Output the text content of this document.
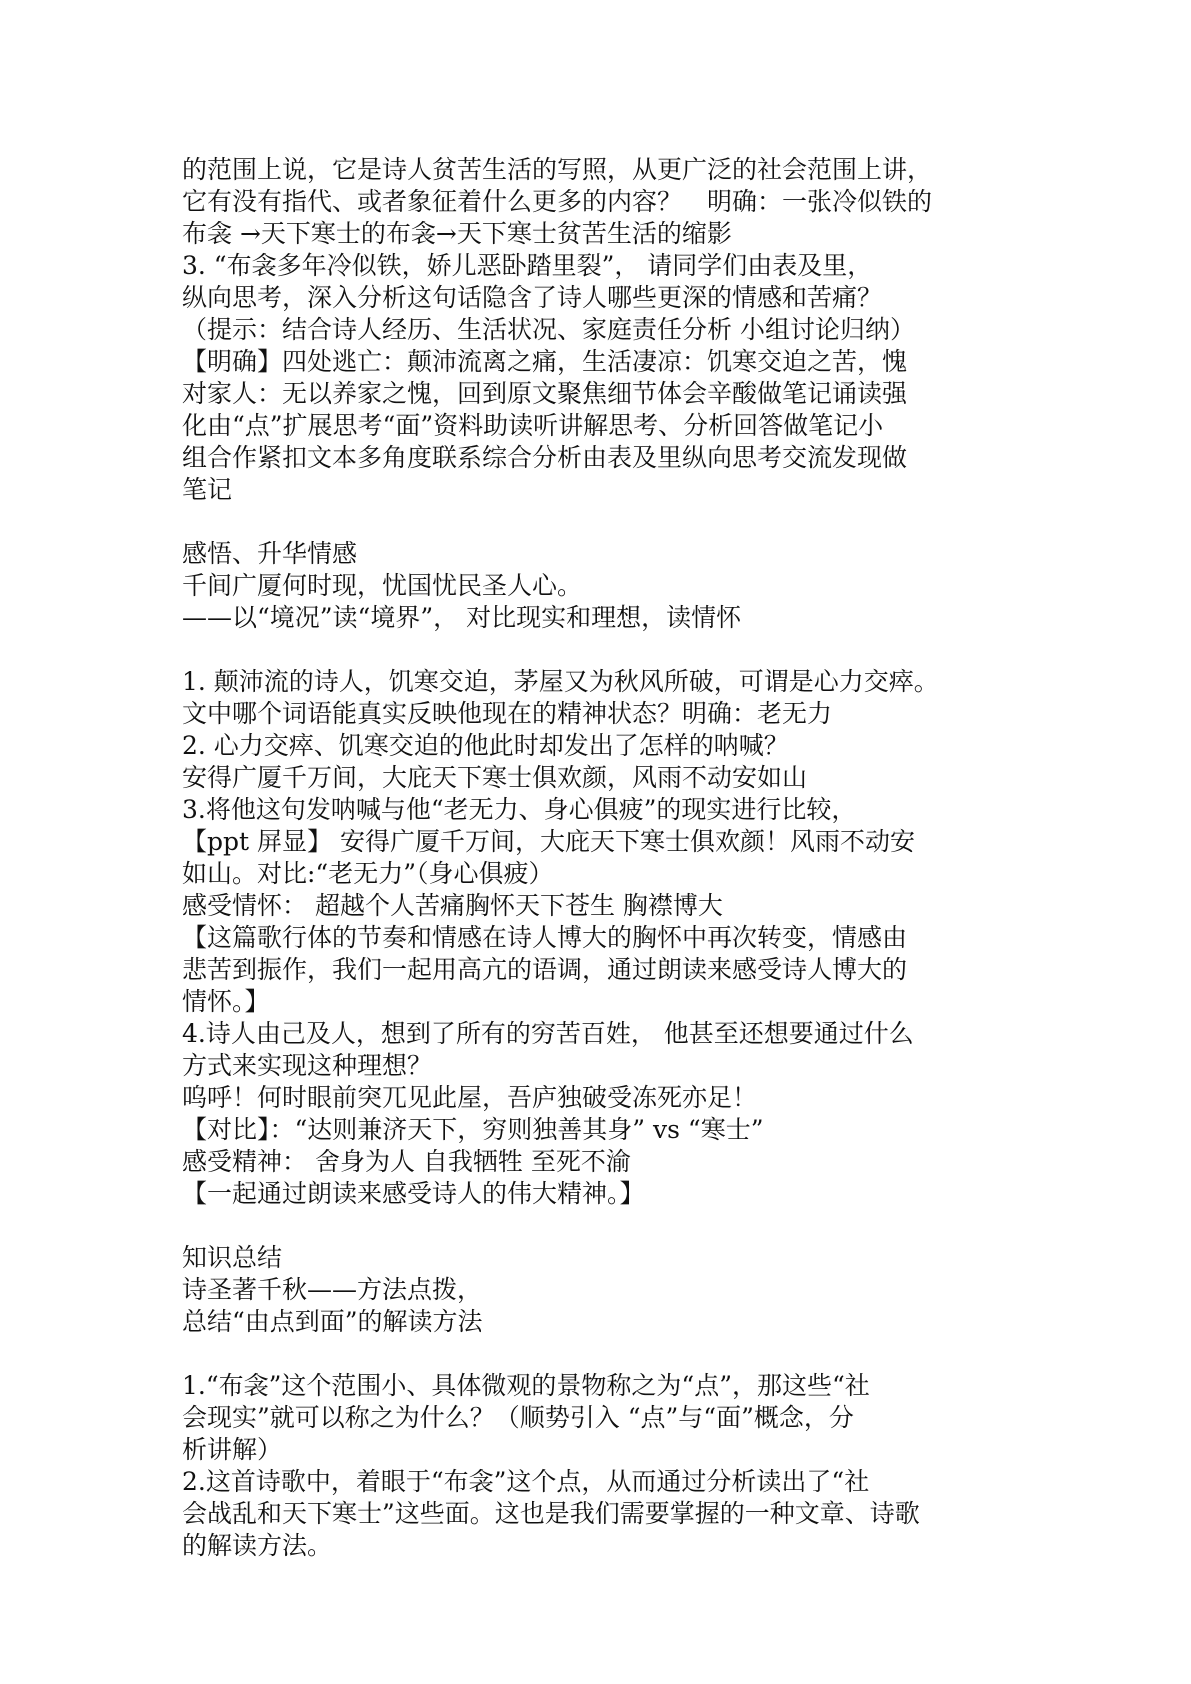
的范围上说，它是诗人贫苦生活的写照，从更广泛的社会范围上讲，
它有没有指代、或者象征着什么更多的内容？　明确：一张冷似铁的
布衾 →天下寒士的布衾→天下寒士贫苦生活的缩影
3. “布衾多年冷似铁，娇儿恶卧踏里裂”， 请同学们由表及里，
纵向思考，深入分析这句话隐含了诗人哪些更深的情感和苦痛？
（提示：结合诗人经历、生活状况、家庭责任分析 小组讨论归纳）
【明确】四处逃亡：颠沛流离之痛，生活凄凉：饥寒交迫之苦，愧
对家人：无以养家之愧，回到原文聚焦细节体会辛酸做笔记诵读强
化由“点”扩展思考“面”资料助读听讲解思考、分析回答做笔记小
组合作紧扣文本多角度联系综合分析由表及里纵向思考交流发现做
笔记
感悟、升华情感
千间广厦何时现，忧国忧民圣人心。
——以“境况”读“境界”， 对比现实和理想，读情怀
1. 颠沛流的诗人，饥寒交迫，茅屋又为秋风所破，可谓是心力交瘁。
文中哪个词语能真实反映他现在的精神状态？明确：老无力
2. 心力交瘁、饥寒交迫的他此时却发出了怎样的呐喊？
安得广厦千万间，大庇天下寒士俱欢颜，风雨不动安如山
3.将他这句发呐喊与他“老无力、身心俱疲”的现实进行比较，
【ppt 屏显】 安得广厦千万间，大庇天下寒士俱欢颜！风雨不动安
如山。对比:“老无力”（身心俱疲）
感受情怀： 超越个人苦痛胸怀天下苍生 胸襟博大
【这篇歌行体的节奏和情感在诗人博大的胸怀中再次转变，情感由
悲苦到振作，我们一起用高亢的语调，通过朗读来感受诗人博大的
情怀。】
4.诗人由己及人，想到了所有的穷苦百姓， 他甚至还想要通过什么
方式来实现这种理想？
呜呼！何时眼前突兀见此屋，吾庐独破受冻死亦足！
【对比】：“达则兼济天下，穷则独善其身” vs “寒士”
感受精神： 舍身为人 自我牺牲 至死不渝
【一起通过朗读来感受诗人的伟大精神。】
知识总结
诗圣著千秋——方法点拨，
总结“由点到面”的解读方法
1.“布衾”这个范围小、具体微观的景物称之为“点”，那这些“社
会现实”就可以称之为什么？（顺势引入 “点”与“面”概念，分
析讲解）
2.这首诗歌中，着眼于“布衾”这个点，从而通过分析读出了“社
会战乱和天下寒士”这些面。这也是我们需要掌握的一种文章、诗歌
的解读方法。
